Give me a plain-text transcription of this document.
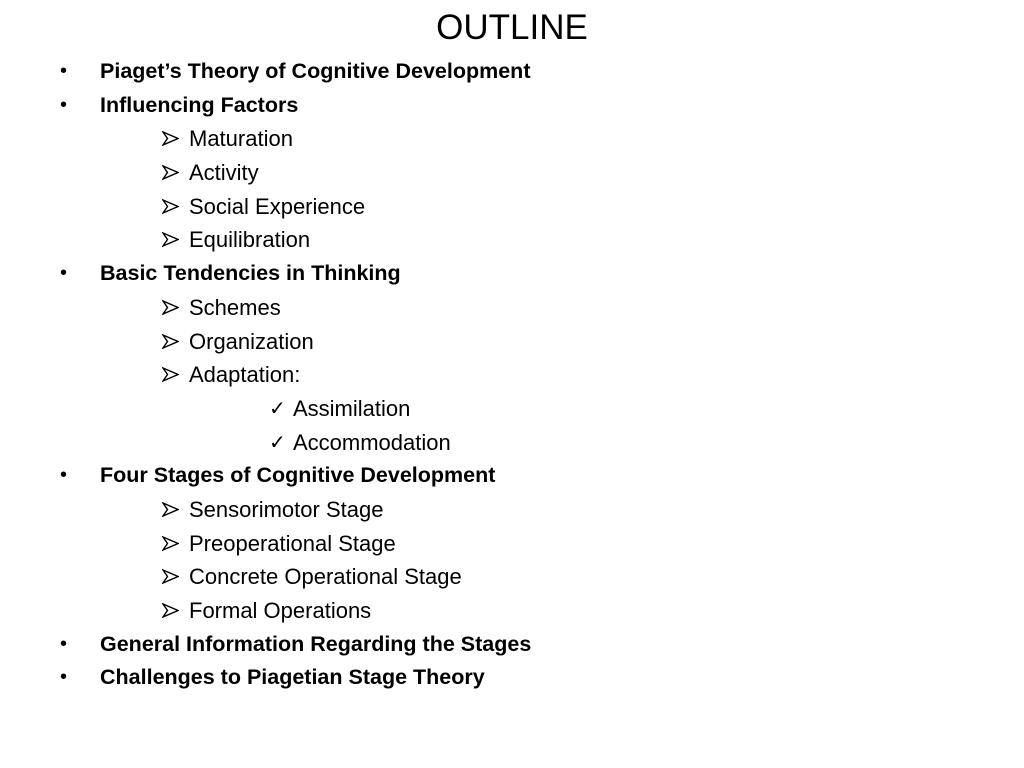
OUTLINE
• Piaget’s Theory of Cognitive Development
• Influencing Factors
Maturation
Activity
Social Experience
Equilibration
• Basic Tendencies in Thinking
Schemes
Organization
Adaptation:
✓ Assimilation
✓ Accommodation
• Four Stages of Cognitive Development
Sensorimotor Stage
Preoperational Stage
Concrete Operational Stage
Formal Operations
• General Information Regarding the Stages
• Challenges to Piagetian Stage Theory
